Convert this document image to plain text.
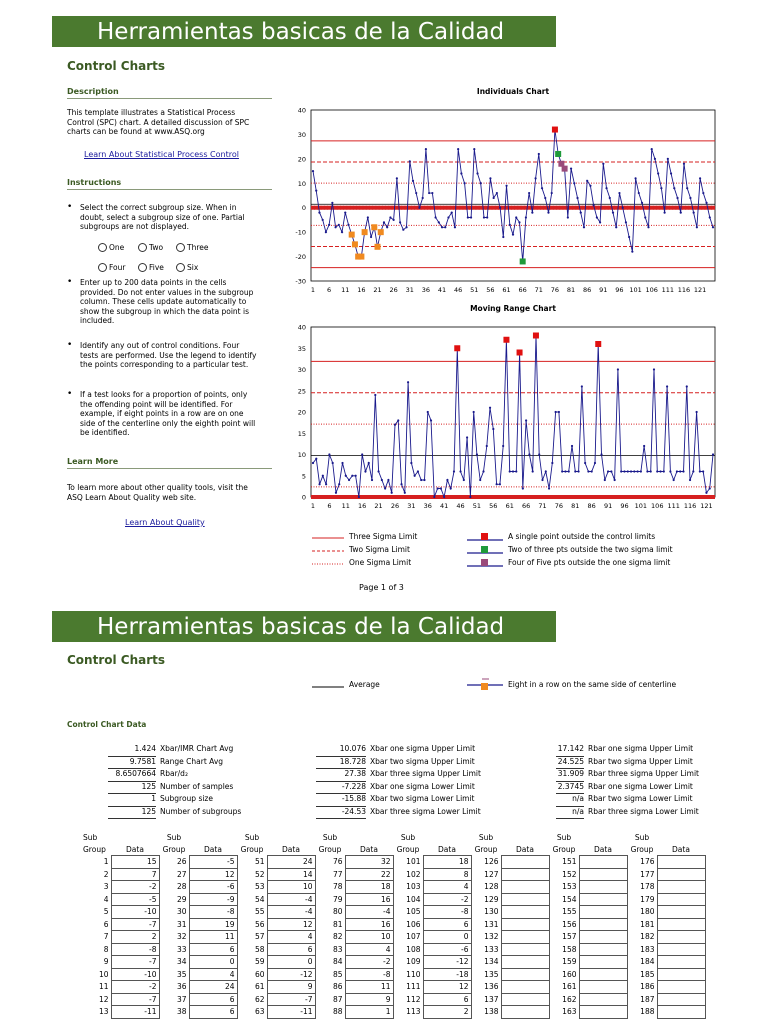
Herramientas basicas de la Calidad
Control Charts
Description
This template illustrates a Statistical Process
Control (SPC) chart. A detailed discussion of SPC
charts can be found at www.ASQ.org
Learn About Statistical Process Control
Instructions
• Select the correct subgroup size. When in
doubt, select a subgroup size of one. Partial
subgroups are not displayed.
One	Two	Three
Four	Five	Six
• Enter up to 200 data points in the cells
provided. Do not enter values in the subgroup
column. These cells update automatically to
show the subgroup in which the data point is
included.
• Identify any out of control conditions. Four
tests are performed. Use the legend to identify
the points corresponding to a particular test.
• If a test looks for a proportion of points, only
the offending point will be identified. For
example, if eight points in a row are on one
side of the centerline only the eighth point will
be identified.
Learn More
To learn more about other quality tools, visit the
ASQ Learn About Quality web site.
Learn About Quality
Individuals Chart
40
30
20
10
0
-10
-20
-30
1 6 11 16 21 26 31 36 41 46 51 56 61 66 71 76 81 86 91 96 101 106 111 116 121
Moving Range Chart
40
35
30
25
20
15
10
5
0
1 6 11 16 21 26 31 36 41 46 51 56 61 66 71 76 81 86 91 96 101 106 111 116 121
Three Sigma Limit
Two Sigma Limit
One Sigma Limit
A single point outside the control limits
Two of three pts outside the two sigma limit
Four of Five pts outside the one sigma limit
Page 1 of 3
Herramientas basicas de la Calidad
Control Charts
Average	Eight in a row on the same side of centerline
Control Chart Data
1.424 Xbar/IMR Chart Avg
9.7581 Range Chart Avg
8.6507664 Rbar/d₂
125 Number of samples
1 Subgroup size
125 Number of subgroups
10.076 Xbar one sigma Upper Limit
18.728 Xbar two sigma Upper Limit
27.38 Xbar three sigma Upper Limit
-7.228 Xbar one sigma Lower Limit
-15.88 Xbar two sigma Lower Limit
-24.53 Xbar three sigma Lower Limit
17.142 Rbar one sigma Upper Limit
24.525 Rbar two sigma Upper Limit
31.909 Rbar three sigma Upper Limit
2.3745 Rbar one sigma Lower Limit
n/a Rbar two sigma Lower Limit
n/a Rbar three sigma Lower Limit
Sub		Sub		Sub		Sub		Sub		Sub		Sub		Sub	
Group	Data	Group	Data	Group	Data	Group	Data	Group	Data	Group	Data	Group	Data	Group	Data
1	15	26	-5	51	24	76	32	101	18	126		151		176	
2	7	27	12	52	14	77	22	102	8	127		152		177	
3	-2	28	-6	53	10	78	18	103	4	128		153		178	
4	-5	29	-9	54	-4	79	16	104	-2	129		154		179	
5	-10	30	-8	55	-4	80	-4	105	-8	130		155		180	
6	-7	31	19	56	12	81	16	106	6	131		156		181	
7	2	32	11	57	4	82	10	107	0	132		157		182	
8	-8	33	6	58	6	83	4	108	-6	133		158		183	
9	-7	34	0	59	0	84	-2	109	-12	134		159		184	
10	-10	35	4	60	-12	85	-8	110	-18	135		160		185	
11	-2	36	24	61	9	86	11	111	12	136		161		186	
12	-7	37	6	62	-7	87	9	112	6	137		162		187	
13	-11	38	6	63	-11	88	1	113	2	138		163		188	
